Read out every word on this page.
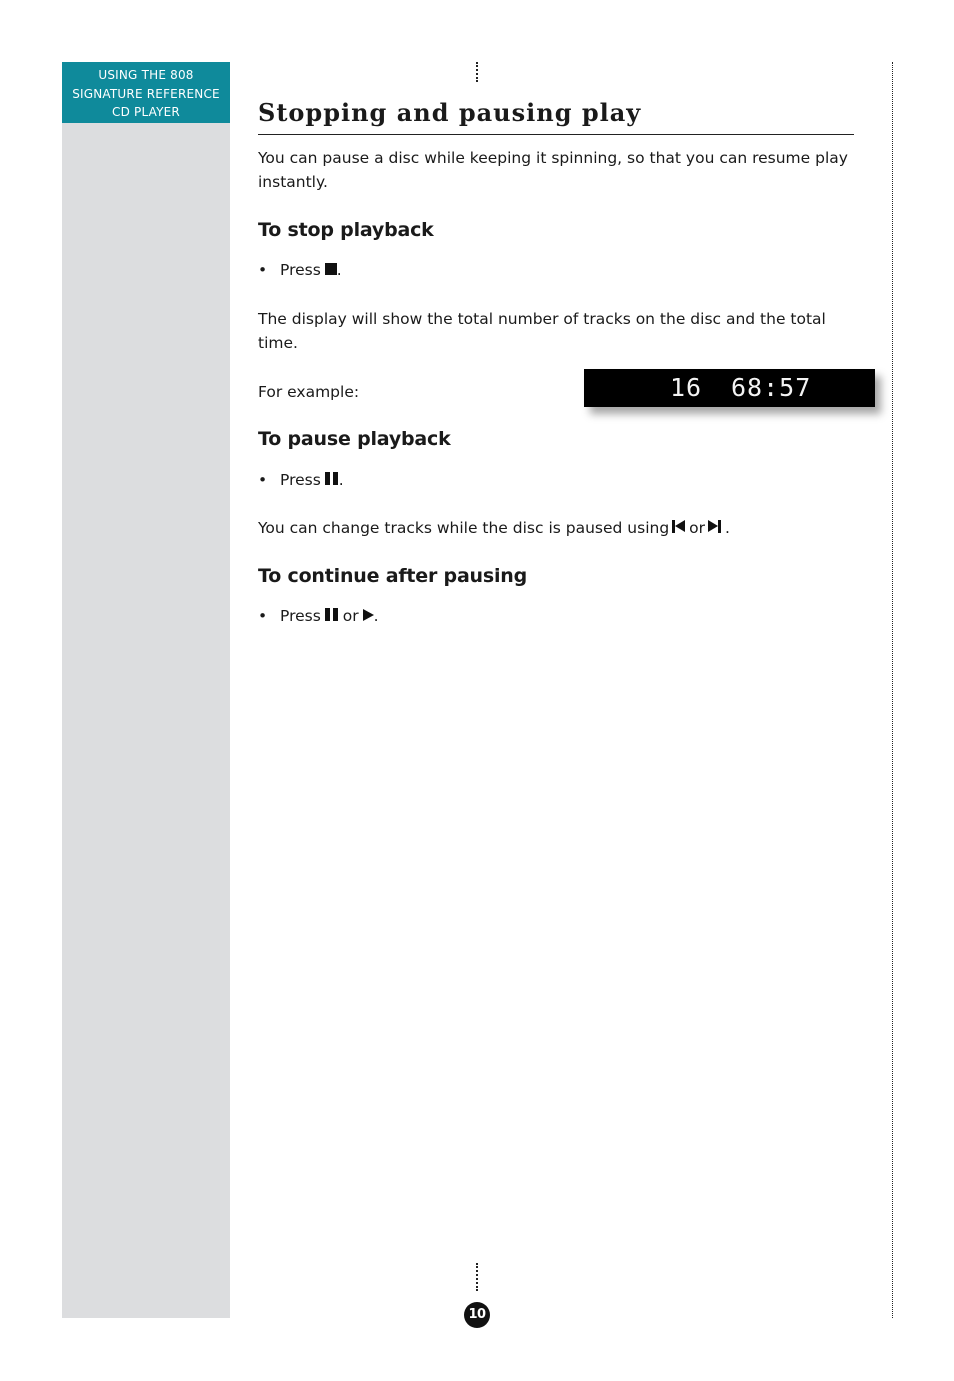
USING THE 808
SIGNATURE REFERENCE
CD PLAYER	Stopping and pausing play

You can pause a disc while keeping it spinning, so that you can resume play instantly.

To stop playback
• Press .

The display will show the total number of tracks on the disc and the total time.

For example:	16 68:57
To pause playback
• Press .
You can change tracks while the disc is paused using or .
To continue after pausing
• Press or .
10
